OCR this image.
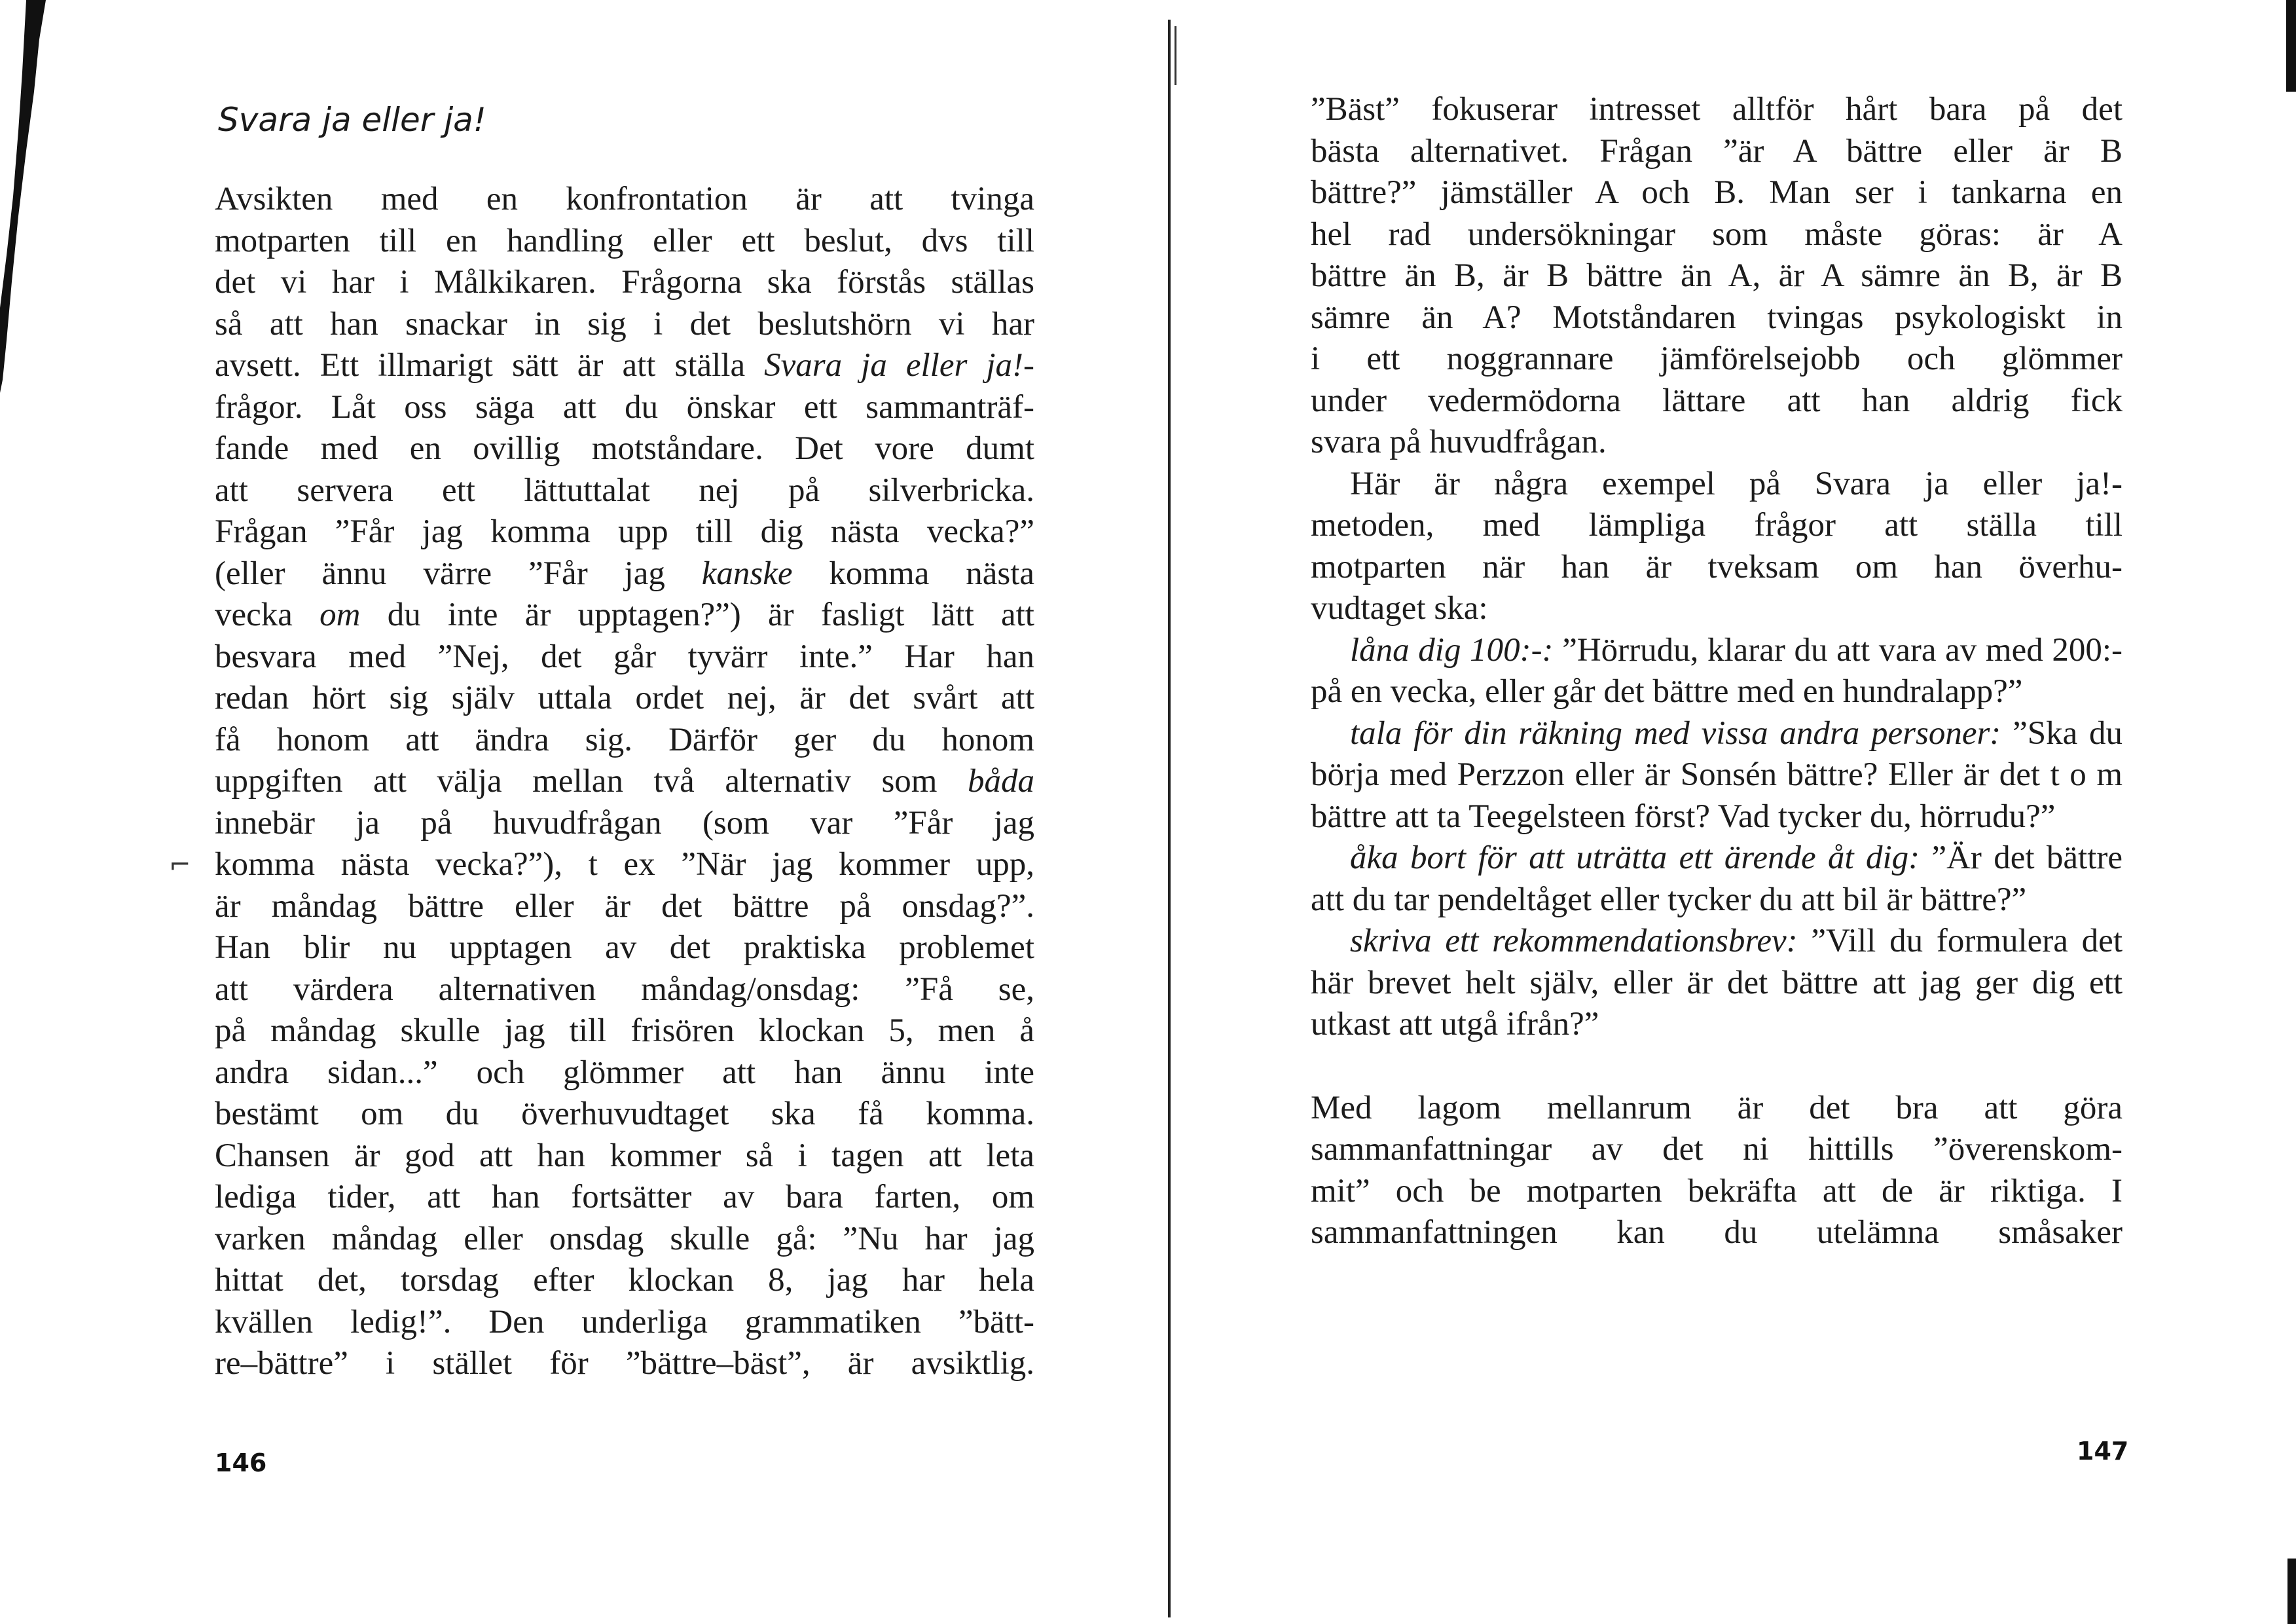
⌐
Svara ja eller ja!

Avsikten med en konfrontation är att tvinga
motparten till en handling eller ett beslut, dvs till
det vi har i Målkikaren. Frågorna ska förstås ställas
så att han snackar in sig i det beslutshörn vi har
avsett. Ett illmarigt sätt är att ställa Svara ja eller ja!-
frågor. Låt oss säga att du önskar ett sammanträf-
fande med en ovillig motståndare. Det vore dumt
att servera ett lättuttalat nej på silverbricka.
Frågan ”Får jag komma upp till dig nästa vecka?”
(eller ännu värre ”Får jag kanske komma nästa
vecka om du inte är upptagen?”) är fasligt lätt att
besvara med ”Nej, det går tyvärr inte.” Har han
redan hört sig själv uttala ordet nej, är det svårt att
få honom att ändra sig. Därför ger du honom
uppgiften att välja mellan två alternativ som båda
innebär ja på huvudfrågan (som var ”Får jag
komma nästa vecka?”), t ex ”När jag kommer upp,
är måndag bättre eller är det bättre på onsdag?”.
Han blir nu upptagen av det praktiska problemet
att värdera alternativen måndag/onsdag: ”Få se,
på måndag skulle jag till frisören klockan 5, men å
andra sidan...” och glömmer att han ännu inte
bestämt om du överhuvudtaget ska få komma.
Chansen är god att han kommer så i tagen att leta
lediga tider, att han fortsätter av bara farten, om
varken måndag eller onsdag skulle gå: ”Nu har jag
hittat det, torsdag efter klockan 8, jag har hela
kvällen ledig!”. Den underliga grammatiken ”bätt-
re–bättre” i stället för ”bättre–bäst”, är avsiktlig.

146

”Bäst” fokuserar intresset alltför hårt bara på det
bästa alternativet. Frågan ”är A bättre eller är B
bättre?” jämställer A och B. Man ser i tankarna en
hel rad undersökningar som måste göras: är A
bättre än B, är B bättre än A, är A sämre än B, är B
sämre än A? Motståndaren tvingas psykologiskt in
i ett noggrannare jämförelsejobb och glömmer
under vedermödorna lättare att han aldrig fick
svara på huvudfrågan.

Här är några exempel på Svara ja eller ja!-
metoden, med lämpliga frågor att ställa till
motparten när han är tveksam om han överhu-
vudtaget ska:

låna dig 100:-: ”Hörrudu, klarar du att vara av med 200:- på en vecka, eller går det bättre med en hundralapp?”

tala för din räkning med vissa andra personer: ”Ska du börja med Perzzon eller är Sonsén bättre? Eller är det t o m bättre att ta Teegelsteen först? Vad tycker du, hörrudu?”

åka bort för att uträtta ett ärende åt dig: ”Är det bättre att du tar pendeltåget eller tycker du att bil är bättre?”

skriva ett rekommendationsbrev: ”Vill du formulera det här brevet helt själv, eller är det bättre att jag ger dig ett utkast att utgå ifrån?”

Med lagom mellanrum är det bra att göra
sammanfattningar av det ni hittills ”överenskom-
mit” och be motparten bekräfta att de är riktiga. I
sammanfattningen kan du utelämna småsaker

147
